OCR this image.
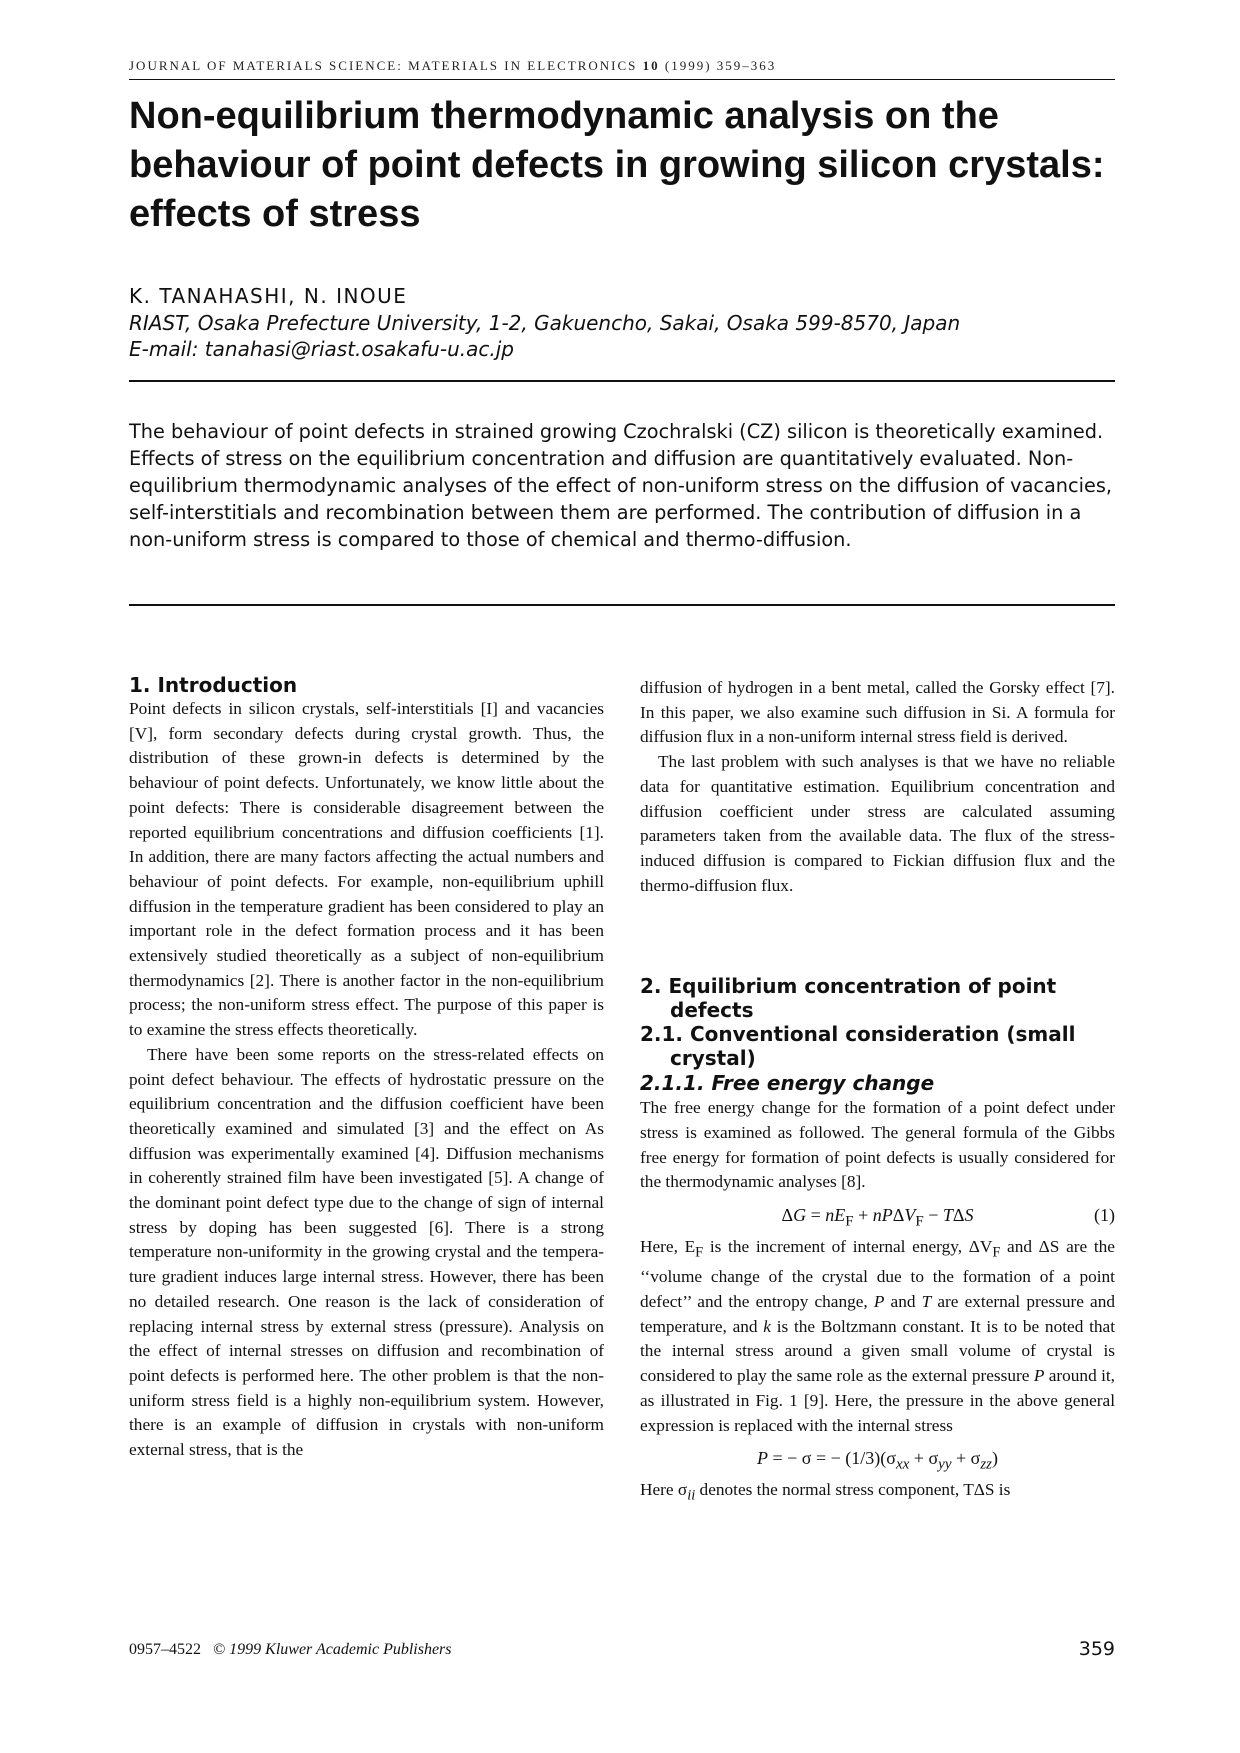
JOURNAL OF MATERIALS SCIENCE: MATERIALS IN ELECTRONICS 10 (1999) 359–363
Non-equilibrium thermodynamic analysis on the behaviour of point defects in growing silicon crystals: effects of stress

K. TANAHASHI, N. INOUE

RIAST, Osaka Prefecture University, 1-2, Gakuencho, Sakai, Osaka 599-8570, Japan
E-mail: tanahasi@riast.osakafu-u.ac.jp

The behaviour of point defects in strained growing Czochralski (CZ) silicon is theoretically examined. Effects of stress on the equilibrium concentration and diffusion are quantitatively evaluated. Non-equilibrium thermodynamic analyses of the effect of non-uniform stress on the diffusion of vacancies, self-interstitials and recombination between them are performed. The contribution of diffusion in a non-uniform stress is compared to those of chemical and thermo-diffusion.

1. Introduction

Point defects in silicon crystals, self-interstitials [I] and vacancies [V], form secondary defects during crystal growth. Thus, the distribution of these grown-in defects is determined by the behaviour of point defects. Unfortunately, we know little about the point defects: There is considerable disagreement between the reported equilibrium concentrations and diffusion coefficients [1]. In addition, there are many factors affecting the actual numbers and behaviour of point defects. For example, non-equilibrium uphill diffusion in the temperature gradient has been considered to play an important role in the defect formation process and it has been extensively studied theoretically as a subject of non-equilibrium thermodynamics [2]. There is another factor in the non-equilibrium process; the non-uniform stress effect. The purpose of this paper is to examine the stress effects theoretically.

There have been some reports on the stress-related effects on point defect behaviour. The effects of hydrostatic pressure on the equilibrium concentration and the diffusion coefficient have been theoretically examined and simulated [3] and the effect on As diffusion was experimentally examined [4]. Diffusion mechanisms in coherently strained film have been investigated [5]. A change of the dominant point defect type due to the change of sign of internal stress by doping has been suggested [6]. There is a strong temperature non-uniformity in the growing crystal and the tempera-ture gradient induces large internal stress. However, there has been no detailed research. One reason is the lack of consideration of replacing internal stress by external stress (pressure). Analysis on the effect of internal stresses on diffusion and recombination of point defects is performed here. The other problem is that the non-uniform stress field is a highly non-equilibrium system. However, there is an example of diffusion in crystals with non-uniform external stress, that is the

diffusion of hydrogen in a bent metal, called the Gorsky effect [7]. In this paper, we also examine such diffusion in Si. A formula for diffusion flux in a non-uniform internal stress field is derived.

The last problem with such analyses is that we have no reliable data for quantitative estimation. Equilibrium concentration and diffusion coefficient under stress are calculated assuming parameters taken from the available data. The flux of the stress-induced diffusion is compared to Fickian diffusion flux and the thermo-diffusion flux.

2. Equilibrium concentration of point defects
2.1. Conventional consideration (small crystal)
2.1.1. Free energy change

The free energy change for the formation of a point defect under stress is examined as followed. The general formula of the Gibbs free energy for formation of point defects is usually considered for the thermodynamic analyses [8].

$\Delta G = nE_F + nP\Delta V_F - T\Delta S$	(1)

Here, $E_F$ is the increment of internal energy, $\Delta V_F$ and ΔS are the ‘‘volume change of the crystal due to the formation of a point defect’’ and the entropy change, P and T are external pressure and temperature, and k is the Boltzmann constant. It is to be noted that the internal stress around a given small volume of crystal is considered to play the same role as the external pressure P around it, as illustrated in Fig. 1 [9]. Here, the pressure in the above general expression is replaced with the internal stress

P = − σ = − $(1/3)(\sigma_{xx} + \sigma_{yy} + \sigma_{zz})$

Here $\sigma_{ii}$ denotes the normal stress component, TΔS is

0957–4522 © 1999 Kluwer Academic Publishers	359
